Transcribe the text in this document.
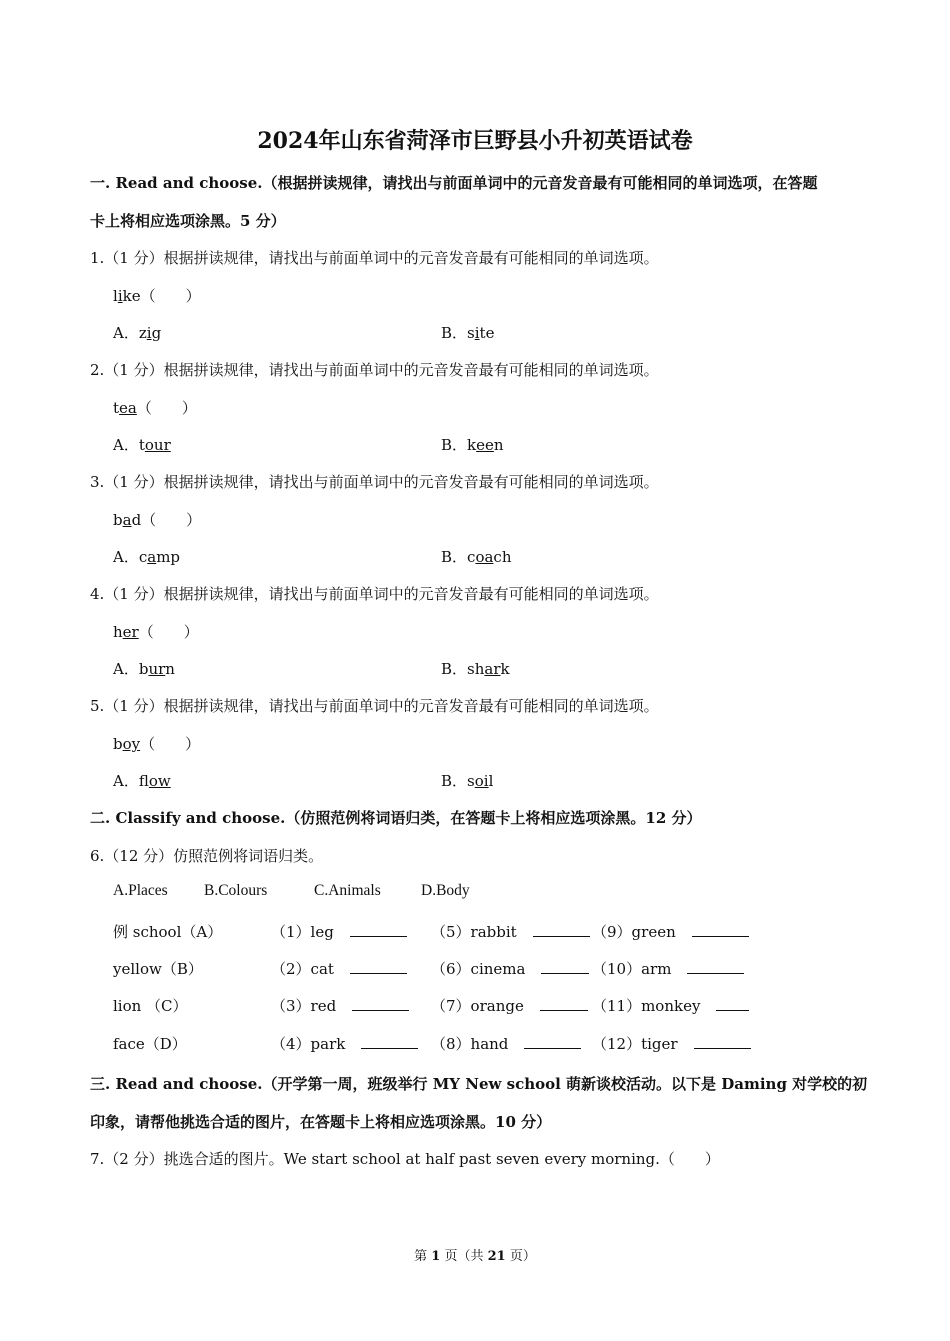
2024年山东省菏泽市巨野县小升初英语试卷
一. Read and choose.（根据拼读规律，请找出与前面单词中的元音发音最有可能相同的单词选项，在答题
卡上将相应选项涂黑。5 分）
1.（1 分）根据拼读规律，请找出与前面单词中的元音发音最有可能相同的单词选项。
like（　　）
A．zig	B．site
2.（1 分）根据拼读规律，请找出与前面单词中的元音发音最有可能相同的单词选项。
tea（　　）
A．tour	B．keen
3.（1 分）根据拼读规律，请找出与前面单词中的元音发音最有可能相同的单词选项。
bad（　　）
A．camp	B．coach
4.（1 分）根据拼读规律，请找出与前面单词中的元音发音最有可能相同的单词选项。
her（　　）
A．burn	B．shark
5.（1 分）根据拼读规律，请找出与前面单词中的元音发音最有可能相同的单词选项。
boy（　　）
A．flow	B．soil
二. Classify and choose.（仿照范例将词语归类，在答题卡上将相应选项涂黑。12 分）
6.（12 分）仿照范例将词语归类。
A.Places B.Colours	C.Animals	D.Body
例 school（A）	（1）leg	（5）rabbit	（9）green
yellow（B）	（2）cat	（6）cinema	（10）arm
lion （C）	（3）red	（7）orange	（11）monkey
face（D）	（4）park	（8）hand	（12）tiger
三. Read and choose.（开学第一周，班级举行 MY New school 萌新谈校活动。以下是 Daming 对学校的初
印象，请帮他挑选合适的图片，在答题卡上将相应选项涂黑。10 分）
7.（2 分）挑选合适的图片。We start school at half past seven every morning.（　　）
第 1 页（共 21 页）
